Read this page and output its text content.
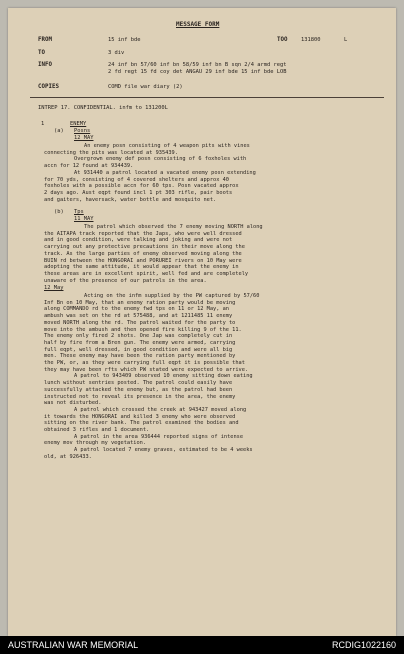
MESSAGE FORM
FROM	15 inf bde	TOO	131800	L
TO	3 div
INFO	24 inf bn 57/60 inf bn 58/59 inf bn B sqn 2/4 armd regt
2 fd regt 15 fd coy det ANGAU 29 inf bde 15 inf bde LOB
COPIES	COMD file war diary (2)
INTREP 17. CONFIDENTIAL. infm to 131200L
1	ENEMY
(a) Posns
12 MAY
An enemy posn consisting of 4 weapon pits with vines
connecting the pits was located at 935439.
Overgrown enemy def posn consisting of 6 foxholes with
accn for 12 found at 934439.
At 931440 a patrol located a vacated enemy posn extending
for 70 yds, consisting of 4 covered shelters and approx 40
foxholes with a possible accn for 60 tps. Posn vacated approx
2 days ago. Aust eqpt found incl 1 pt 303 rifle, pair boots
and gaiters, haversack, water bottle and mosquito net.
(b) Tps
11 MAY
The patrol which observed the 7 enemy moving NORTH along
the AITAPA track reported that the Japs, who were well dressed
and in good condition, were talking and joking and were not
carrying out any protective precautions in their move along the
track. As the large parties of enemy observed moving along the
BUIN rd between the HONGORAI and PORUREI rivers on 10 May were
adopting the same attitude, it would appear that the enemy in
these areas are in excellent spirit, well fed and are completely
unaware of the presence of our patrols in the area.
12 May
Acting on the infm supplied by the PW captured by 57/60
Inf Bn on 10 May, that an enemy ration party would be moving
along COMMANDO rd to the enemy fwd tps on 11 or 12 May, an
ambush was set on the rd at 575488, and at 1211485 11 enemy
moved NORTH along the rd. The patrol waited for the party to
move into the ambush and then opened fire killing 9 of the 11.
The enemy only fired 2 shots. One Jap was completely cut in
half by fire from a Bren gun. The enemy were armed, carrying
full eqpt, well dressed, in good condition and were all big
men. These enemy may have been the ration party mentioned by
the PW, or, as they were carrying full eqpt it is possible that
they may have been rfts which PW stated were expected to arrive.
A patrol to 943409 observed 10 enemy sitting down eating
lunch without sentries posted. The patrol could easily have
successfully attacked the enemy but, as the patrol had been
instructed not to reveal its presence in the area, the enemy
was not disturbed.
A patrol which crossed the creek at 943427 moved along
it towards the HONGORAI and killed 3 enemy who were observed
sitting on the river bank. The patrol examined the bodies and
obtained 3 rifles and 1 document.
A patrol in the area 936444 reported signs of intense
enemy mov through my vegetation.
A patrol located 7 enemy graves, estimated to be 4 weeks
old, at 926433.
AUSTRALIAN WAR MEMORIAL	RCDIG1022160
